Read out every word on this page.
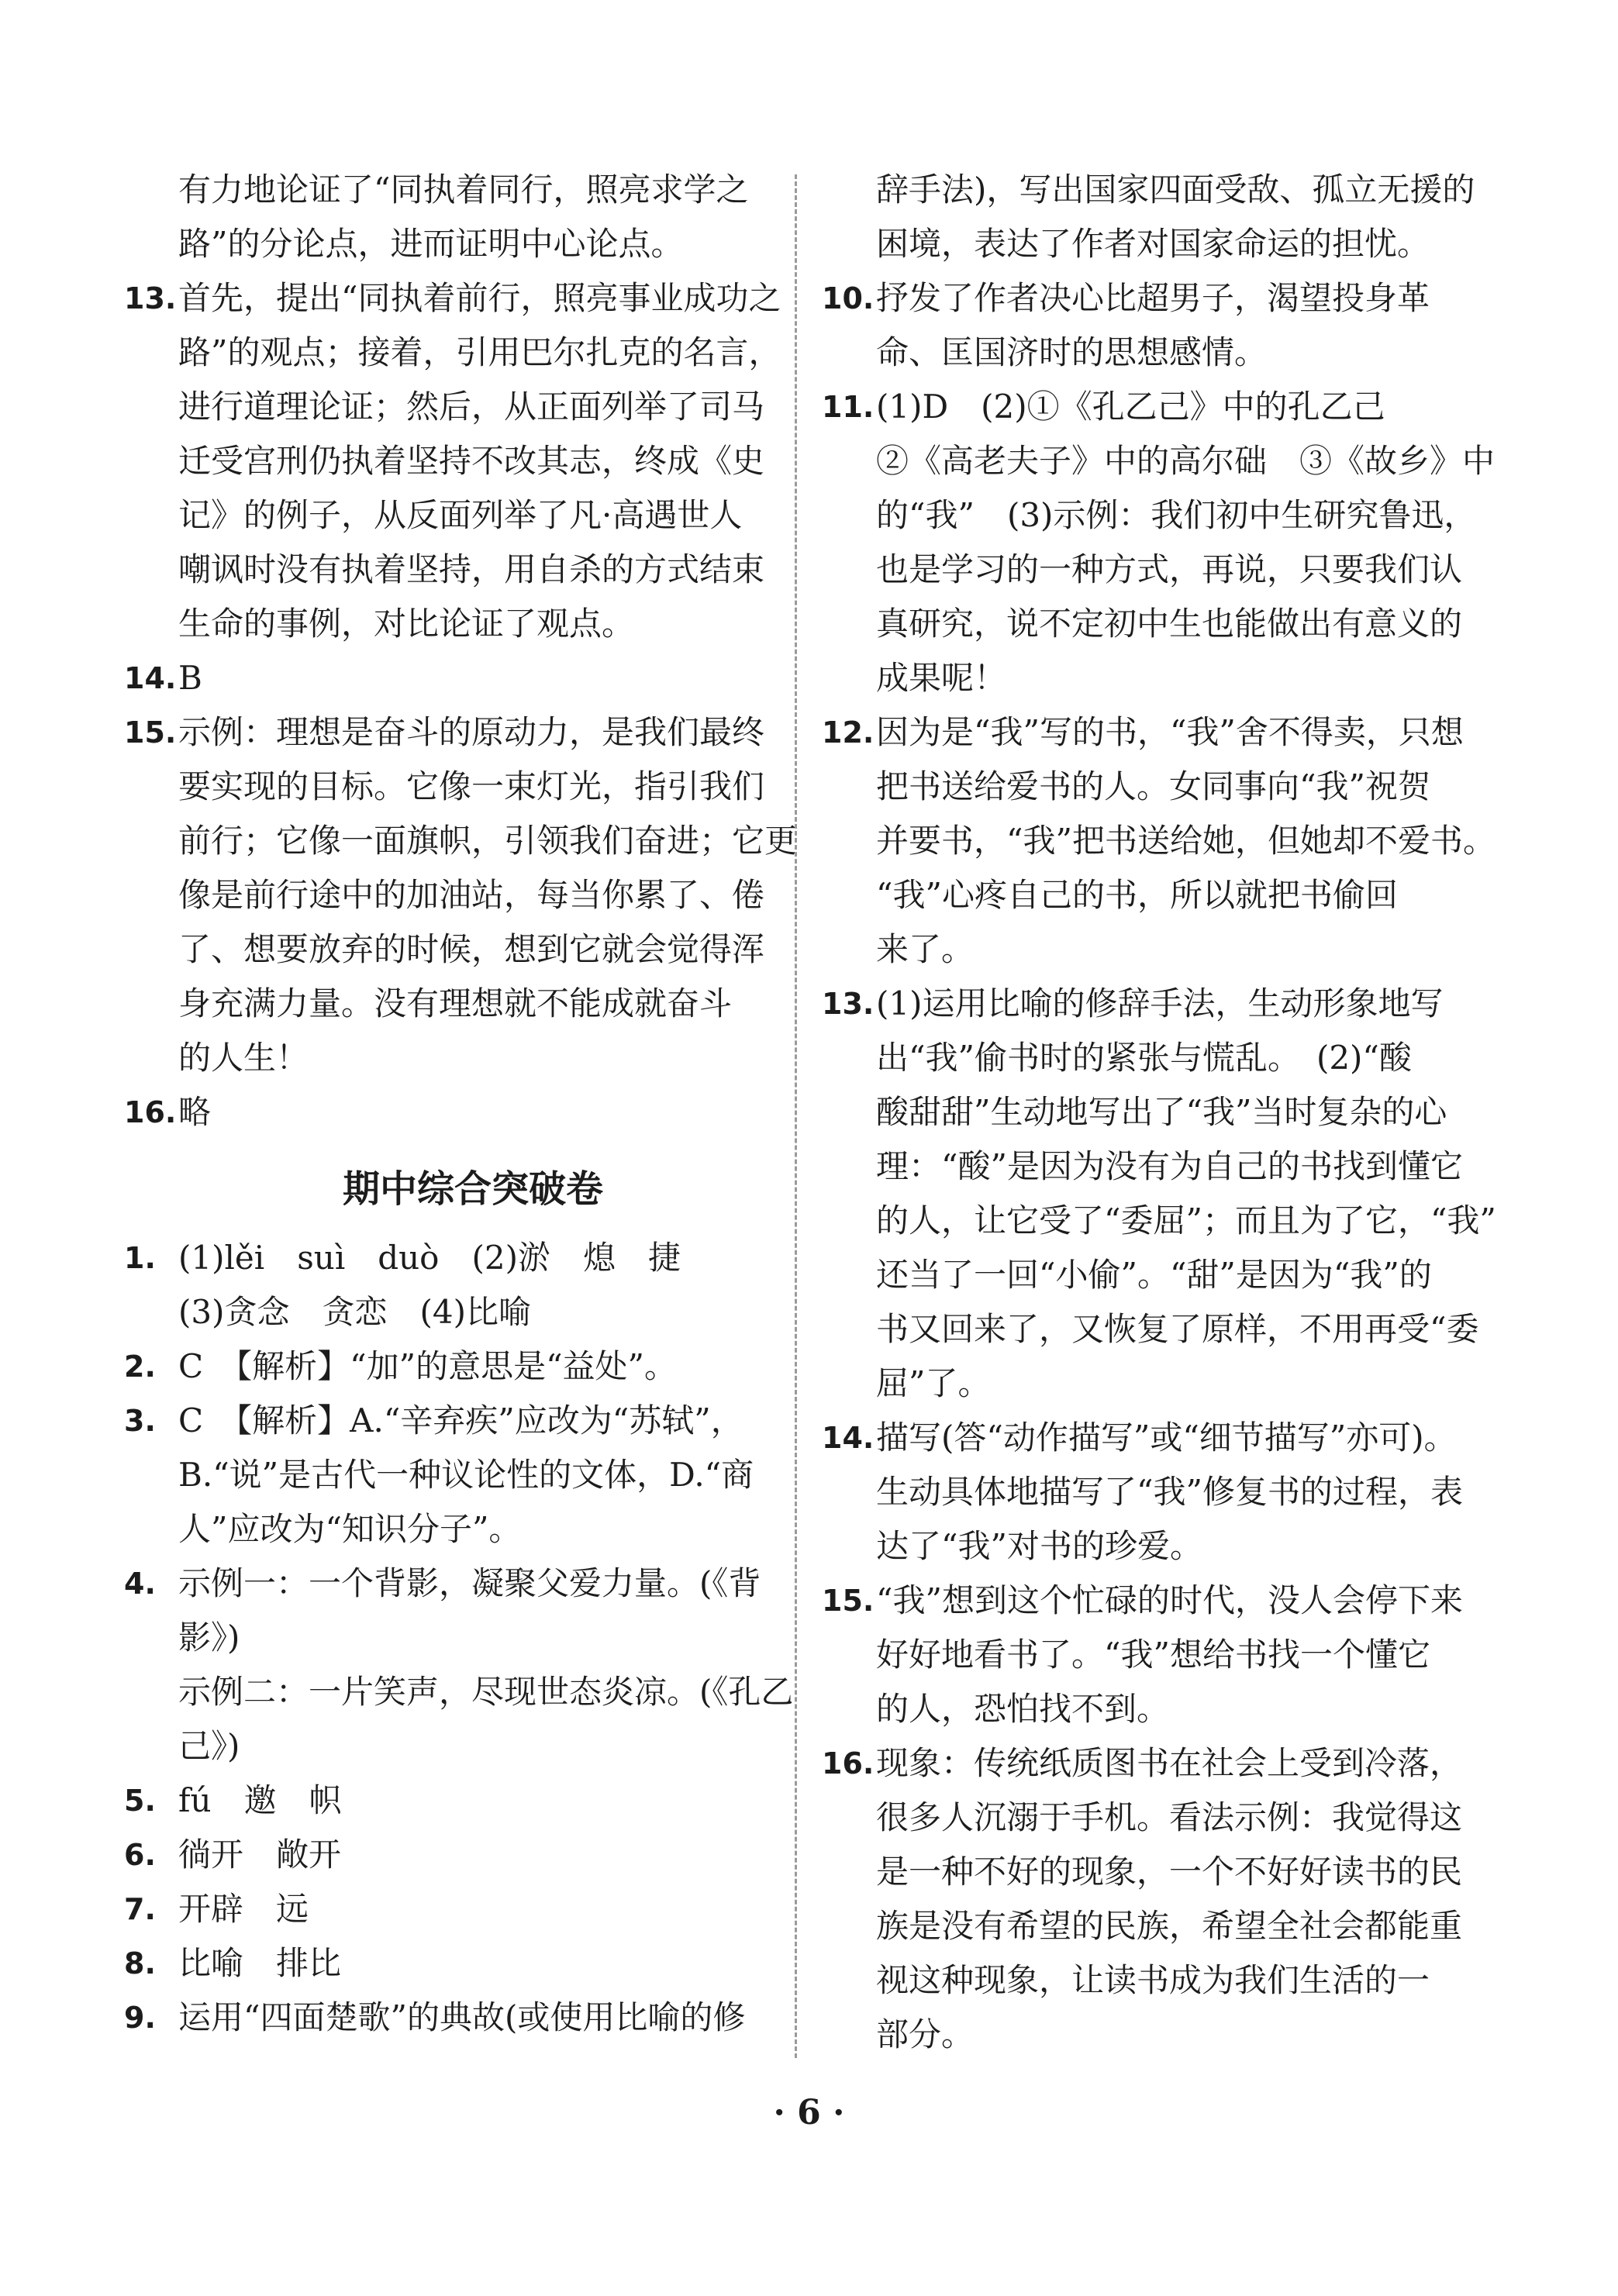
有力地论证了“同执着同行，照亮求学之
路”的分论点，进而证明中心论点。
13. 首先，提出“同执着前行，照亮事业成功之
路”的观点；接着，引用巴尔扎克的名言，
进行道理论证；然后，从正面列举了司马
迁受宫刑仍执着坚持不改其志，终成《史
记》的例子，从反面列举了凡·高遇世人
嘲讽时没有执着坚持，用自杀的方式结束
生命的事例，对比论证了观点。
14. B
15. 示例：理想是奋斗的原动力，是我们最终
要实现的目标。它像一束灯光，指引我们
前行；它像一面旗帜，引领我们奋进；它更
像是前行途中的加油站，每当你累了、倦
了、想要放弃的时候，想到它就会觉得浑
身充满力量。没有理想就不能成就奋斗
的人生！
16. 略
期中综合突破卷
1. (1)lěi　suì　duò　(2)淤　熄　捷
(3)贪念　贪恋　(4)比喻
2. C　【解析】“加”的意思是“益处”。
3. C　【解析】A.“辛弃疾”应改为“苏轼”，
B.“说”是古代一种议论性的文体，D.“商
人”应改为“知识分子”。
4. 示例一：一个背影，凝聚父爱力量。(《背
影》)
示例二：一片笑声，尽现世态炎凉。(《孔乙
己》)
5. fú　邀　帜
6. 徜开　敞开
7. 开辟　远
8. 比喻　排比
9. 运用“四面楚歌”的典故(或使用比喻的修
辞手法)，写出国家四面受敌、孤立无援的
困境，表达了作者对国家命运的担忧。
10. 抒发了作者决心比超男子，渴望投身革
命、匡国济时的思想感情。
11. (1)D　(2)①《孔乙己》中的孔乙己
②《高老夫子》中的高尔础　③《故乡》中
的“我”　(3)示例：我们初中生研究鲁迅，
也是学习的一种方式，再说，只要我们认
真研究，说不定初中生也能做出有意义的
成果呢！
12. 因为是“我”写的书，“我”舍不得卖，只想
把书送给爱书的人。女同事向“我”祝贺
并要书，“我”把书送给她，但她却不爱书。
“我”心疼自己的书，所以就把书偷回
来了。
13. (1)运用比喻的修辞手法，生动形象地写
出“我”偷书时的紧张与慌乱。　(2)“酸
酸甜甜”生动地写出了“我”当时复杂的心
理：“酸”是因为没有为自己的书找到懂它
的人，让它受了“委屈”；而且为了它，“我”
还当了一回“小偷”。“甜”是因为“我”的
书又回来了，又恢复了原样，不用再受“委
屈”了。
14. 描写(答“动作描写”或“细节描写”亦可)。
生动具体地描写了“我”修复书的过程，表
达了“我”对书的珍爱。
15. “我”想到这个忙碌的时代，没人会停下来
好好地看书了。“我”想给书找一个懂它
的人，恐怕找不到。
16. 现象：传统纸质图书在社会上受到冷落，
很多人沉溺于手机。看法示例：我觉得这
是一种不好的现象，一个不好好读书的民
族是没有希望的民族，希望全社会都能重
视这种现象，让读书成为我们生活的一
部分。
· 6 ·
